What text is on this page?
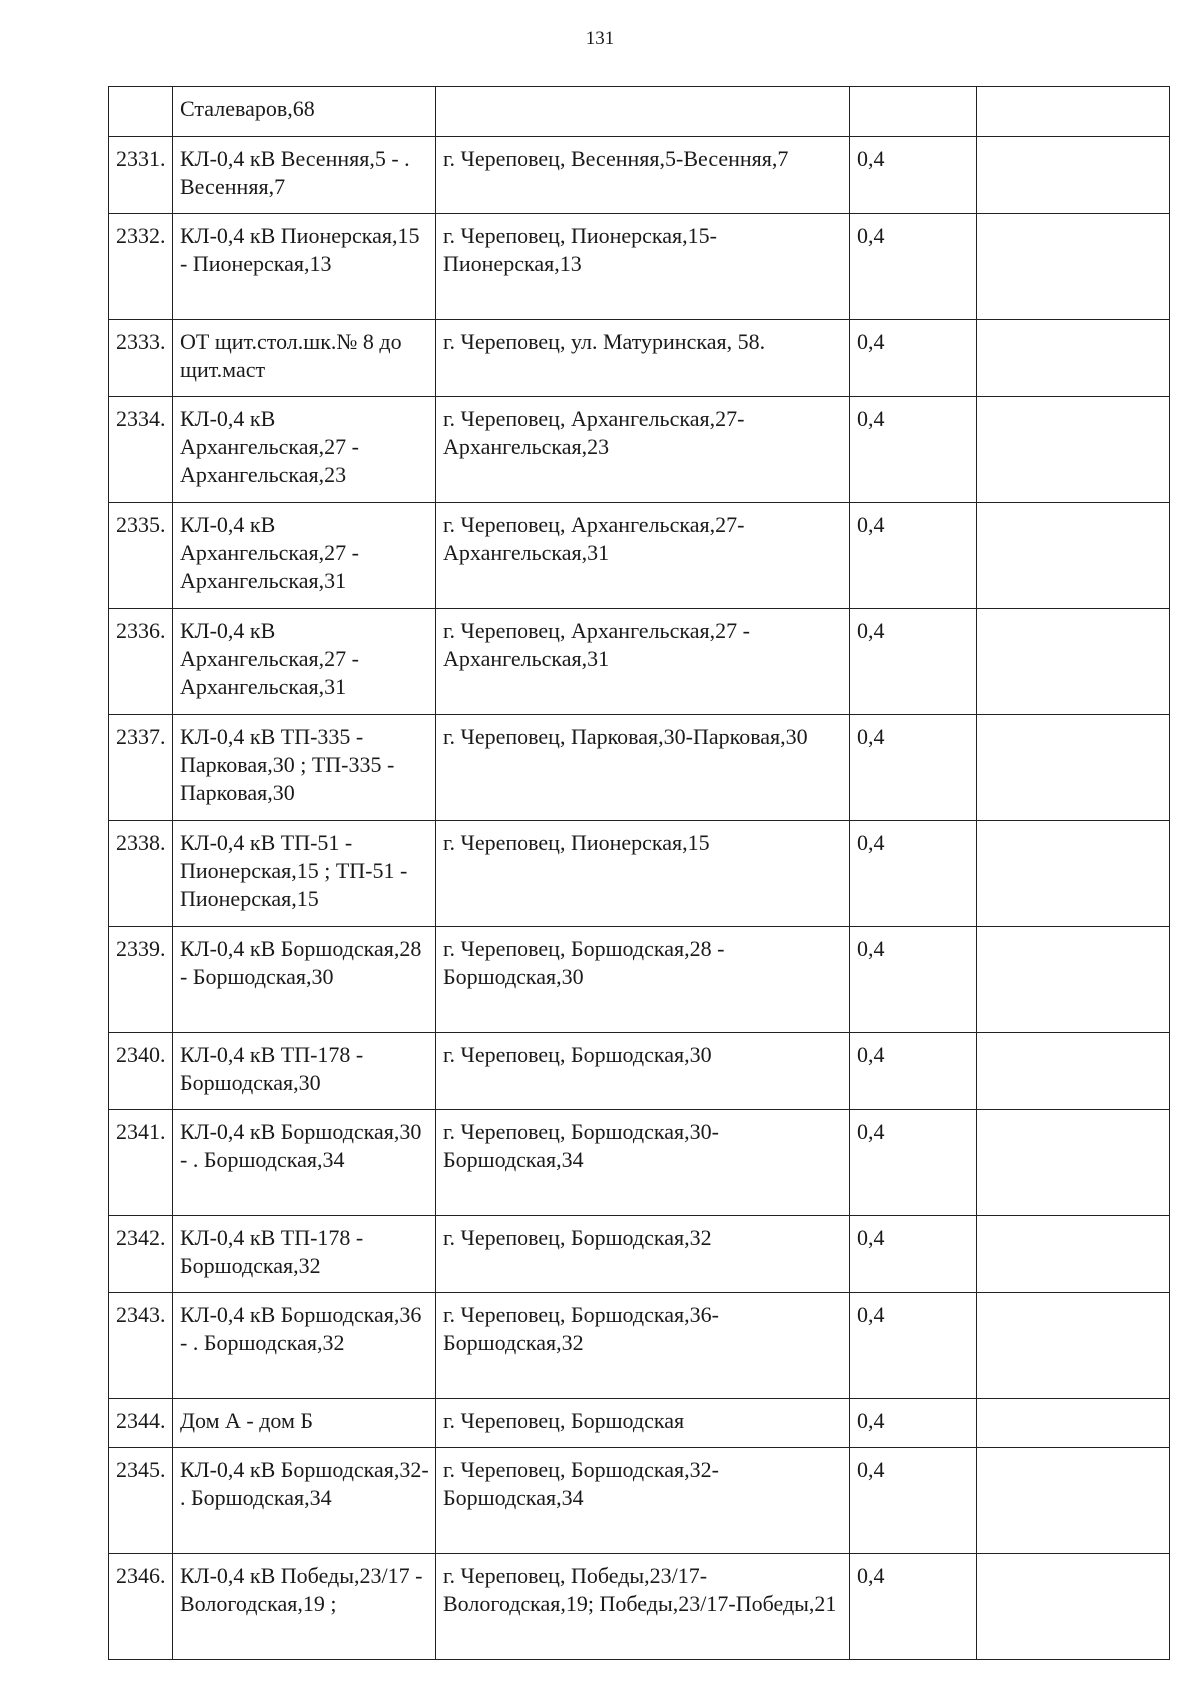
131
	Сталеваров,68			
2331.	КЛ-0,4 кВ Весенняя,5 - . Весенняя,7	г. Череповец, Весенняя,5-Весенняя,7	0,4	
2332.	КЛ-0,4 кВ Пионерская,15 - Пионерская,13	г. Череповец, Пионерская,15-Пионерская,13	0,4	
2333.	ОТ щит.стол.шк.№ 8 до щит.маст	г. Череповец, ул. Матуринская, 58.	0,4	
2334.	КЛ-0,4 кВ Архангельская,27 - Архангельская,23	г. Череповец, Архангельская,27-Архангельская,23	0,4	
2335.	КЛ-0,4 кВ Архангельская,27 - Архангельская,31	г. Череповец, Архангельская,27-Архангельская,31	0,4	
2336.	КЛ-0,4 кВ Архангельская,27 - Архангельская,31	г. Череповец, Архангельская,27 - Архангельская,31	0,4	
2337.	КЛ-0,4 кВ ТП-335 - Парковая,30 ; ТП-335 - Парковая,30	г. Череповец, Парковая,30-Парковая,30	0,4	
2338.	КЛ-0,4 кВ ТП-51 - Пионерская,15 ; ТП-51 - Пионерская,15	г. Череповец, Пионерская,15	0,4	
2339.	КЛ-0,4 кВ Боршодская,28 - Боршодская,30	г. Череповец, Боршодская,28 - Боршодская,30	0,4	
2340.	КЛ-0,4 кВ ТП-178 - Боршодская,30	г. Череповец, Боршодская,30	0,4	
2341.	КЛ-0,4 кВ Боршодская,30 - . Боршодская,34	г. Череповец, Боршодская,30-Боршодская,34	0,4	
2342.	КЛ-0,4 кВ ТП-178 - Боршодская,32	г. Череповец, Боршодская,32	0,4	
2343.	КЛ-0,4 кВ Боршодская,36 - . Боршодская,32	г. Череповец, Боршодская,36-Боршодская,32	0,4	
2344.	Дом А - дом Б	г. Череповец, Боршодская	0,4	
2345.	КЛ-0,4 кВ Боршодская,32- . Боршодская,34	г. Череповец, Боршодская,32-Боршодская,34	0,4	
2346.	КЛ-0,4 кВ Победы,23/17 - Вологодская,19 ;	г. Череповец, Победы,23/17-Вологодская,19; Победы,23/17-Победы,21	0,4	
